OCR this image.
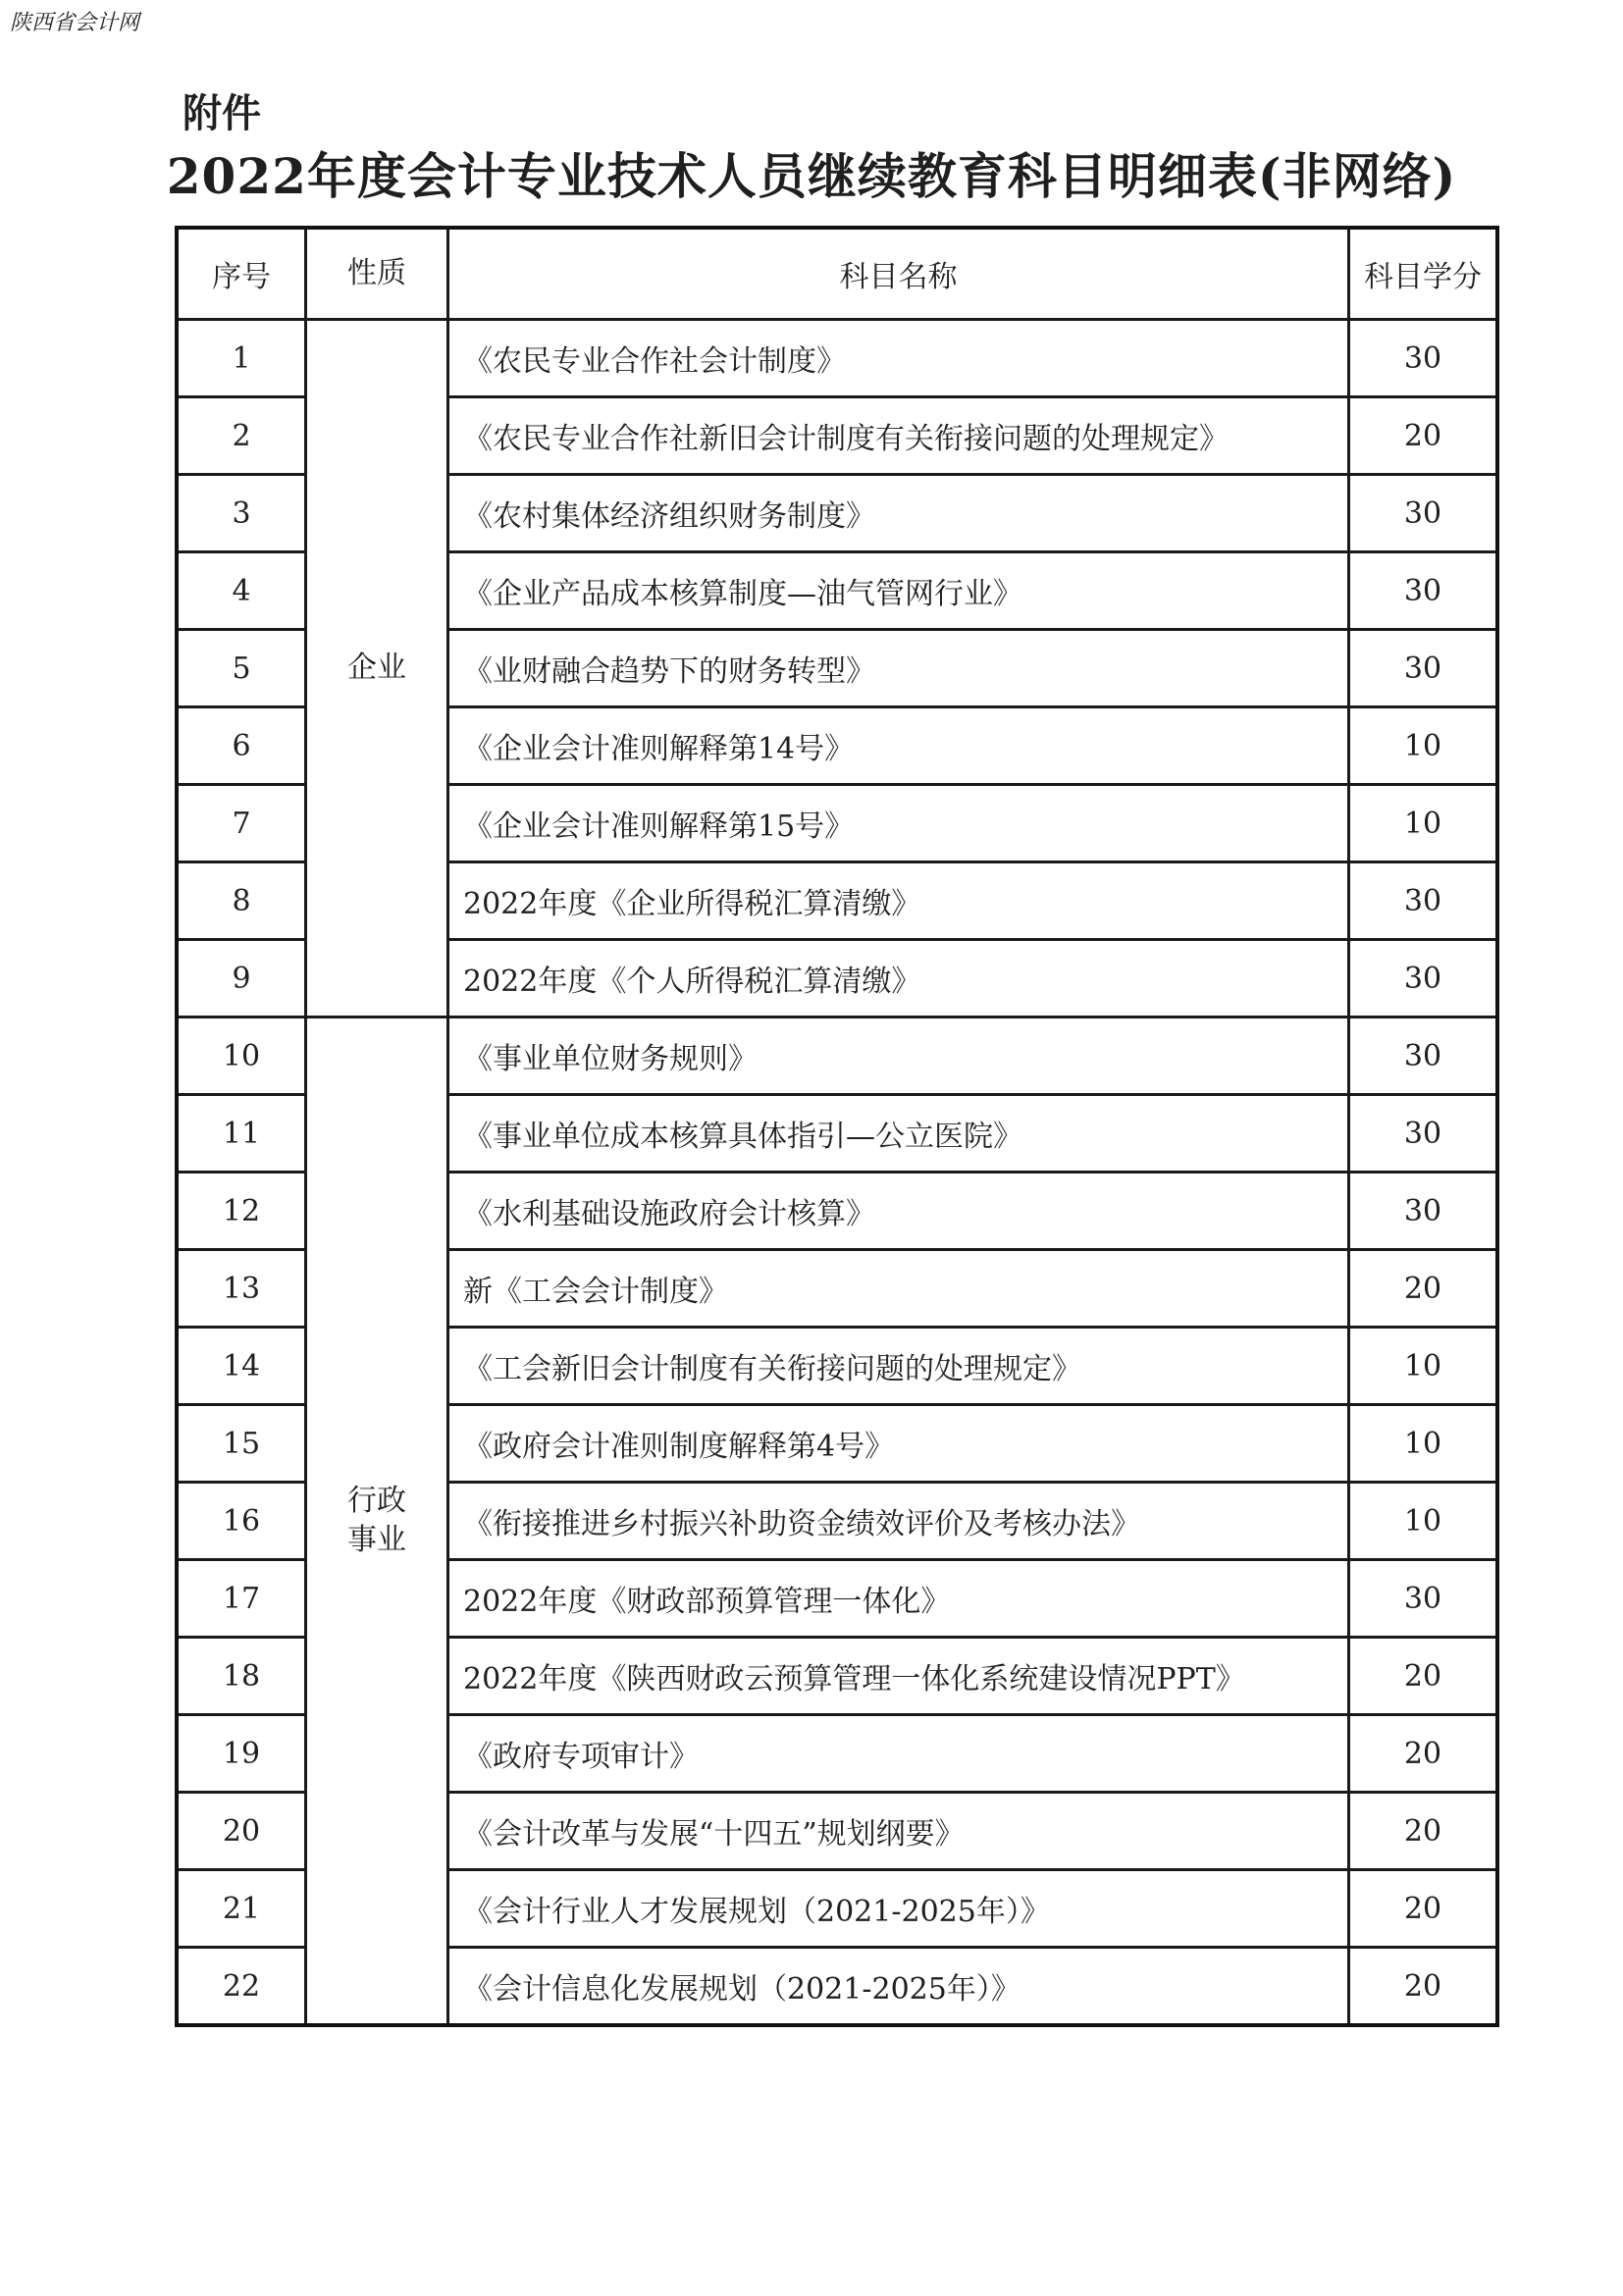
陕西省会计网
附件
2022年度会计专业技术人员继续教育科目明细表(非网络)
序号	性质	科目名称	科目学分
1	企业	《农民专业合作社会计制度》	30
2		《农民专业合作社新旧会计制度有关衔接问题的处理规定》	20
3		《农村集体经济组织财务制度》	30
4		《企业产品成本核算制度—油气管网行业》	30
5		《业财融合趋势下的财务转型》	30
6		《企业会计准则解释第14号》	10
7		《企业会计准则解释第15号》	10
8		2022年度《企业所得税汇算清缴》	30
9		2022年度《个人所得税汇算清缴》	30
10	行政事业	《事业单位财务规则》	30
11		《事业单位成本核算具体指引—公立医院》	30
12		《水利基础设施政府会计核算》	30
13		新《工会会计制度》	20
14		《工会新旧会计制度有关衔接问题的处理规定》	10
15		《政府会计准则制度解释第4号》	10
16		《衔接推进乡村振兴补助资金绩效评价及考核办法》	10
17		2022年度《财政部预算管理一体化》	30
18		2022年度《陕西财政云预算管理一体化系统建设情况PPT》	20
19		《政府专项审计》	20
20		《会计改革与发展“十四五”规划纲要》	20
21		《会计行业人才发展规划（2021-2025年）》	20
22		《会计信息化发展规划（2021-2025年）》	20
